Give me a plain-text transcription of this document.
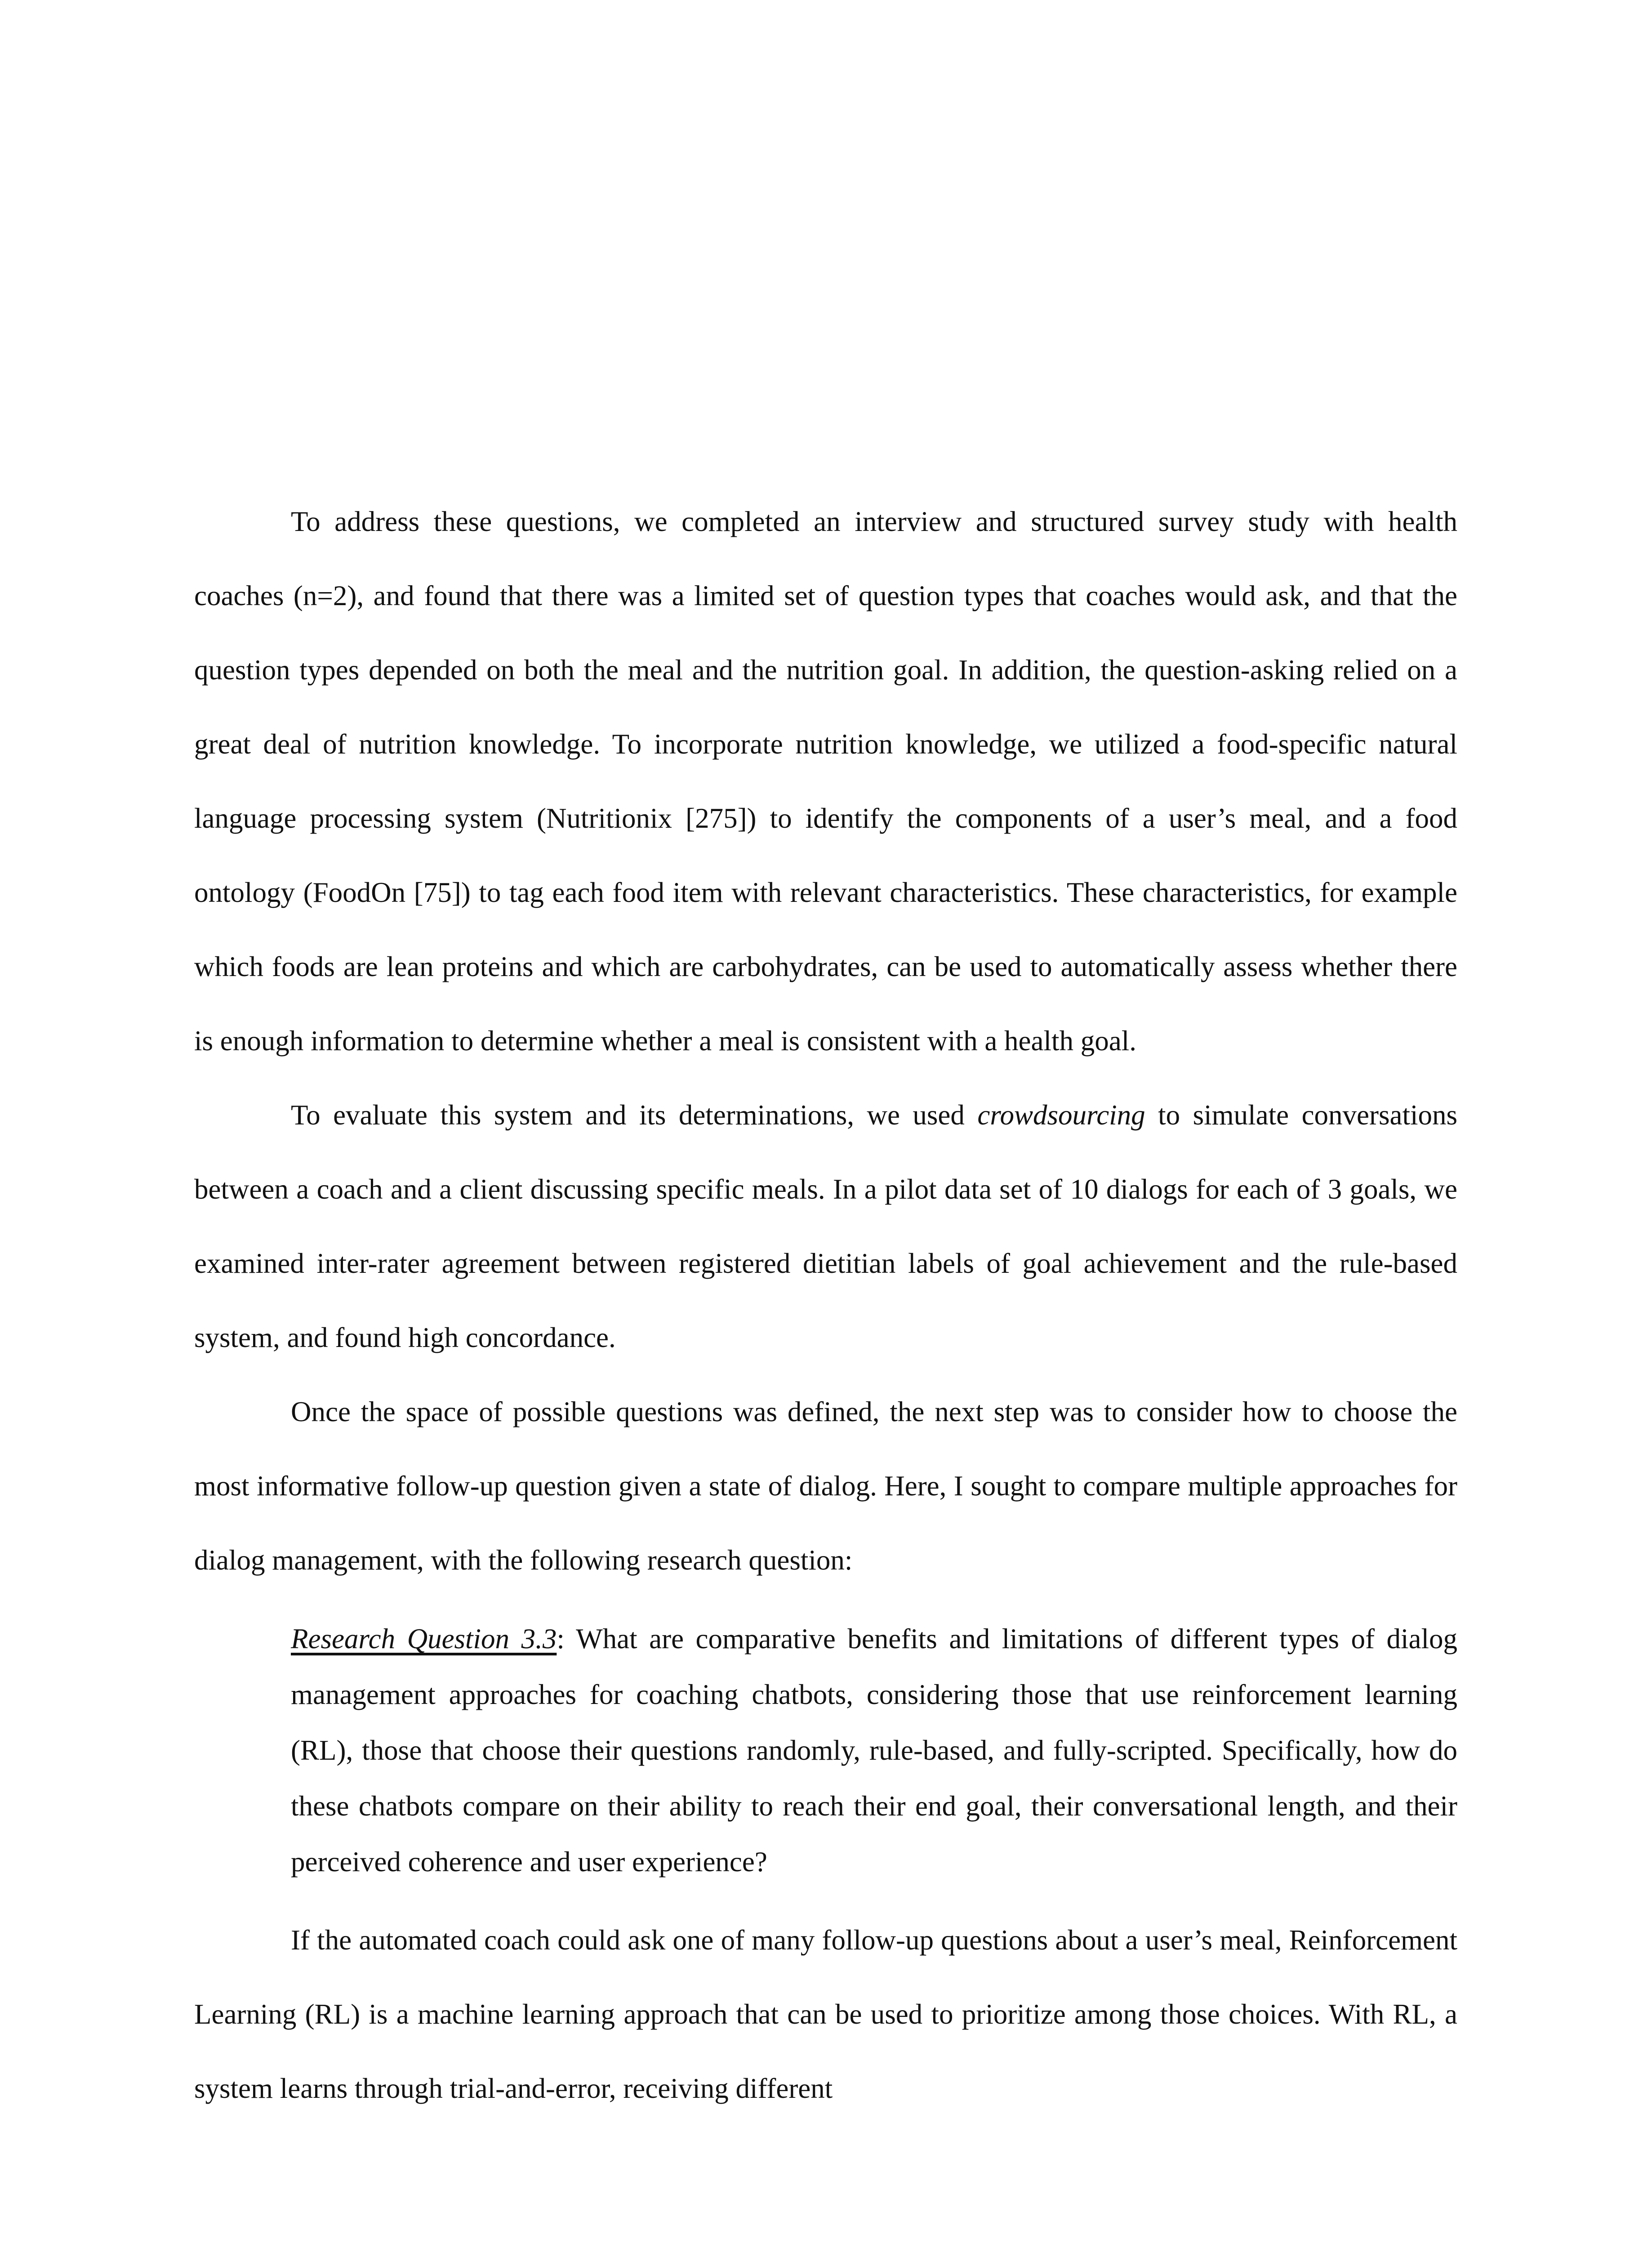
To address these questions, we completed an interview and structured survey study with health coaches (n=2), and found that there was a limited set of question types that coaches would ask, and that the question types depended on both the meal and the nutrition goal. In addition, the question-asking relied on a great deal of nutrition knowledge. To incorporate nutrition knowledge, we utilized a food-specific natural language processing system (Nutritionix [275]) to identify the components of a user’s meal, and a food ontology (FoodOn [75]) to tag each food item with relevant characteristics. These characteristics, for example which foods are lean proteins and which are carbohydrates, can be used to automatically assess whether there is enough information to determine whether a meal is consistent with a health goal.

To evaluate this system and its determinations, we used crowdsourcing to simulate conversations between a coach and a client discussing specific meals. In a pilot data set of 10 dialogs for each of 3 goals, we examined inter-rater agreement between registered dietitian labels of goal achievement and the rule-based system, and found high concordance.

Once the space of possible questions was defined, the next step was to consider how to choose the most informative follow-up question given a state of dialog. Here, I sought to compare multiple approaches for dialog management, with the following research question:

Research Question 3.3: What are comparative benefits and limitations of different types of dialog management approaches for coaching chatbots, considering those that use reinforcement learning (RL), those that choose their questions randomly, rule-based, and fully-scripted. Specifically, how do these chatbots compare on their ability to reach their end goal, their conversational length, and their perceived coherence and user experience?

If the automated coach could ask one of many follow-up questions about a user’s meal, Reinforcement Learning (RL) is a machine learning approach that can be used to prioritize among those choices. With RL, a system learns through trial-and-error, receiving different
